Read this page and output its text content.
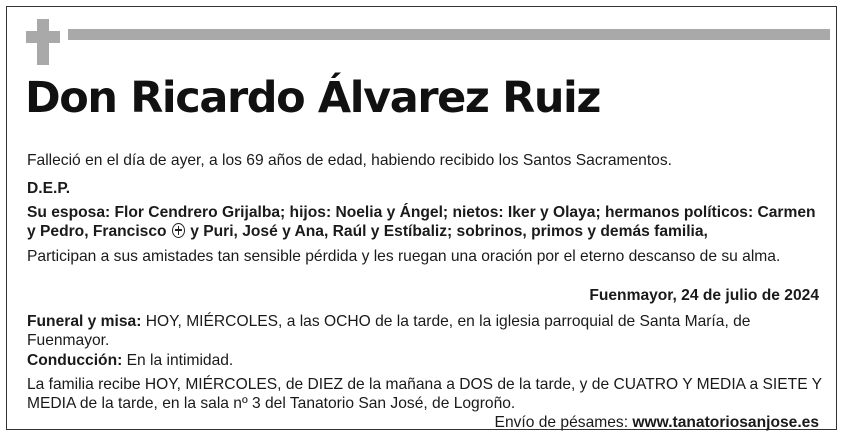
Don Ricardo Álvarez Ruiz
Falleció en el día de ayer, a los 69 años de edad, habiendo recibido los Santos Sacramentos.
D.E.P.
Su esposa: Flor Cendrero Grijalba; hijos: Noelia y Ángel; nietos: Iker y Olaya; hermanos políticos: Carmen y Pedro, Francisco y Puri, José y Ana, Raúl y Estíbaliz; sobrinos, primos y demás familia,
Participan a sus amistades tan sensible pérdida y les ruegan una oración por el eterno descanso de su alma.
Fuenmayor, 24 de julio de 2024
Funeral y misa: HOY, MIÉRCOLES, a las OCHO de la tarde, en la iglesia parroquial de Santa María, de Fuenmayor.
Conducción: En la intimidad.
La familia recibe HOY, MIÉRCOLES, de DIEZ de la mañana a DOS de la tarde, y de CUATRO Y MEDIA a SIETE Y MEDIA de la tarde, en la sala nº 3 del Tanatorio San José, de Logroño.
Envío de pésames: www.tanatoriosanjose.es
